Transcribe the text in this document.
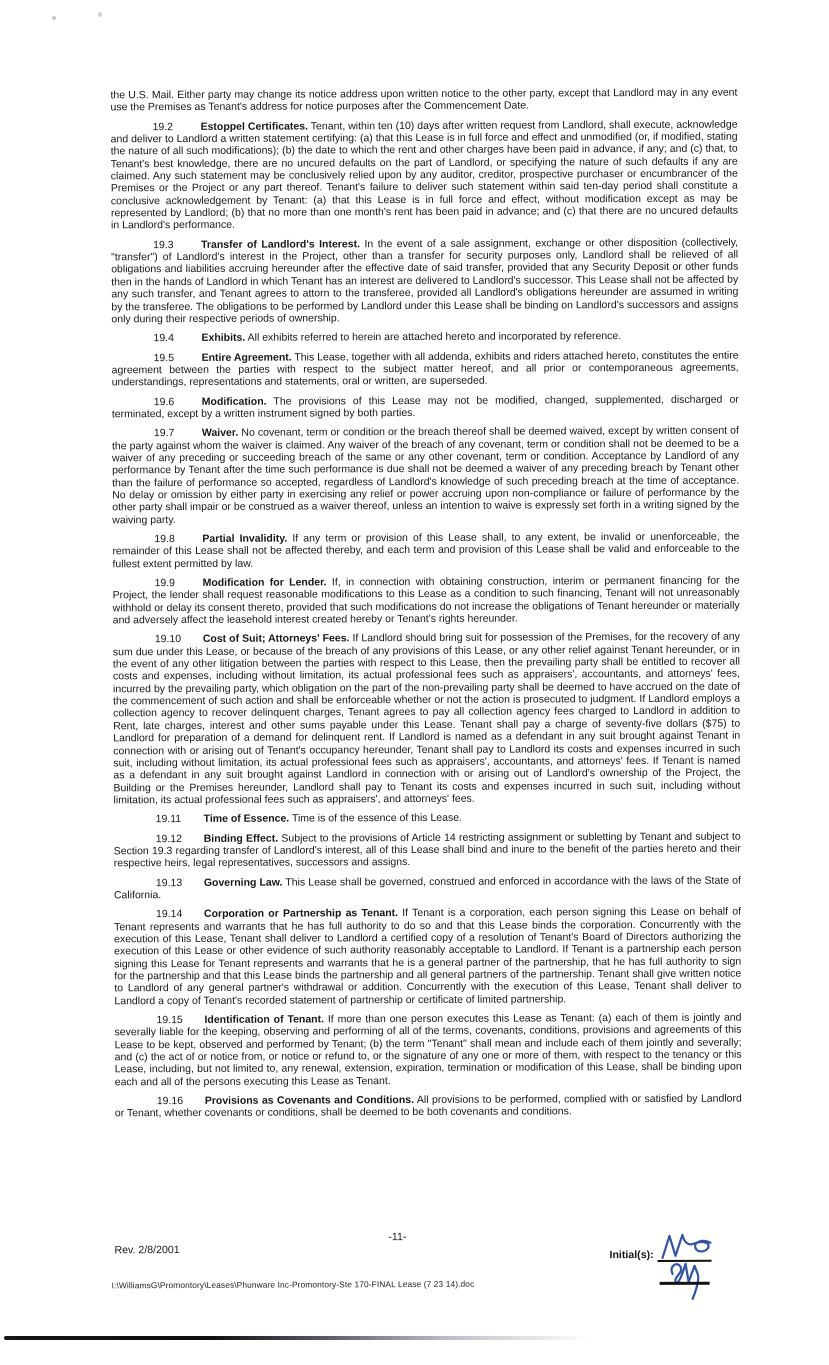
the U.S. Mail. Either party may change its notice address upon written notice to the other party, except that Landlord may in any event use the Premises as Tenant's address for notice purposes after the Commencement Date.

19.2	Estoppel Certificates. Tenant, within ten (10) days after written request from Landlord, shall execute, acknowledge and deliver to Landlord a written statement certifying: (a) that this Lease is in full force and effect and unmodified (or, if modified, stating the nature of all such modifications); (b) the date to which the rent and other charges have been paid in advance, if any; and (c) that, to Tenant's best knowledge, there are no uncured defaults on the part of Landlord, or specifying the nature of such defaults if any are claimed. Any such statement may be conclusively relied upon by any auditor, creditor, prospective purchaser or encumbrancer of the Premises or the Project or any part thereof. Tenant's failure to deliver such statement within said ten-day period shall constitute a conclusive acknowledgement by Tenant: (a) that this Lease is in full force and effect, without modification except as may be represented by Landlord; (b) that no more than one month's rent has been paid in advance; and (c) that there are no uncured defaults in Landlord's performance.

19.3	Transfer of Landlord's Interest. In the event of a sale assignment, exchange or other disposition (collectively, "transfer") of Landlord's interest in the Project, other than a transfer for security purposes only, Landlord shall be relieved of all obligations and liabilities accruing hereunder after the effective date of said transfer, provided that any Security Deposit or other funds then in the hands of Landlord in which Tenant has an interest are delivered to Landlord's successor. This Lease shall not be affected by any such transfer, and Tenant agrees to attorn to the transferee, provided all Landlord's obligations hereunder are assumed in writing by the transferee. The obligations to be performed by Landlord under this Lease shall be binding on Landlord's successors and assigns only during their respective periods of ownership.

19.4	Exhibits. All exhibits referred to herein are attached hereto and incorporated by reference.

19.5	Entire Agreement. This Lease, together with all addenda, exhibits and riders attached hereto, constitutes the entire agreement between the parties with respect to the subject matter hereof, and all prior or contemporaneous agreements, understandings, representations and statements, oral or written, are superseded.

19.6	Modification. The provisions of this Lease may not be modified, changed, supplemented, discharged or terminated, except by a written instrument signed by both parties.

19.7	Waiver. No covenant, term or condition or the breach thereof shall be deemed waived, except by written consent of the party against whom the waiver is claimed. Any waiver of the breach of any covenant, term or condition shall not be deemed to be a waiver of any preceding or succeeding breach of the same or any other covenant, term or condition. Acceptance by Landlord of any performance by Tenant after the time such performance is due shall not be deemed a waiver of any preceding breach by Tenant other than the failure of performance so accepted, regardless of Landlord's knowledge of such preceding breach at the time of acceptance. No delay or omission by either party in exercising any relief or power accruing upon non-compliance or failure of performance by the other party shall impair or be construed as a waiver thereof, unless an intention to waive is expressly set forth in a writing signed by the waiving party.

19.8	Partial Invalidity. If any term or provision of this Lease shall, to any extent, be invalid or unenforceable, the remainder of this Lease shall not be affected thereby, and each term and provision of this Lease shall be valid and enforceable to the fullest extent permitted by law.

19.9	Modification for Lender. If, in connection with obtaining construction, interim or permanent financing for the Project, the lender shall request reasonable modifications to this Lease as a condition to such financing, Tenant will not unreasonably withhold or delay its consent thereto, provided that such modifications do not increase the obligations of Tenant hereunder or materially and adversely affect the leasehold interest created hereby or Tenant's rights hereunder.

19.10 Cost of Suit; Attorneys' Fees. If Landlord should bring suit for possession of the Premises, for the recovery of any sum due under this Lease, or because of the breach of any provisions of this Lease, or any other relief against Tenant hereunder, or in the event of any other litigation between the parties with respect to this Lease, then the prevailing party shall be entitled to recover all costs and expenses, including without limitation, its actual professional fees such as appraisers', accountants, and attorneys' fees, incurred by the prevailing party, which obligation on the part of the non-prevailing party shall be deemed to have accrued on the date of the commencement of such action and shall be enforceable whether or not the action is prosecuted to judgment. If Landlord employs a collection agency to recover delinquent charges, Tenant agrees to pay all collection agency fees charged to Landlord in addition to Rent, late charges, interest and other sums payable under this Lease. Tenant shall pay a charge of seventy-five dollars ($75) to Landlord for preparation of a demand for delinquent rent. If Landlord is named as a defendant in any suit brought against Tenant in connection with or arising out of Tenant's occupancy hereunder, Tenant shall pay to Landlord its costs and expenses incurred in such suit, including without limitation, its actual professional fees such as appraisers', accountants, and attorneys' fees. If Tenant is named as a defendant in any suit brought against Landlord in connection with or arising out of Landlord's ownership of the Project, the Building or the Premises hereunder, Landlord shall pay to Tenant its costs and expenses incurred in such suit, including without limitation, its actual professional fees such as appraisers', and attorneys' fees.

19.11 Time of Essence. Time is of the essence of this Lease.

19.12 Binding Effect. Subject to the provisions of Article 14 restricting assignment or subletting by Tenant and subject to Section 19.3 regarding transfer of Landlord's interest, all of this Lease shall bind and inure to the benefit of the parties hereto and their respective heirs, legal representatives, successors and assigns.

19.13 Governing Law. This Lease shall be governed, construed and enforced in accordance with the laws of the State of California.

19.14 Corporation or Partnership as Tenant. If Tenant is a corporation, each person signing this Lease on behalf of Tenant represents and warrants that he has full authority to do so and that this Lease binds the corporation. Concurrently with the execution of this Lease, Tenant shall deliver to Landlord a certified copy of a resolution of Tenant's Board of Directors authorizing the execution of this Lease or other evidence of such authority reasonably acceptable to Landlord. If Tenant is a partnership each person signing this Lease for Tenant represents and warrants that he is a general partner of the partnership, that he has full authority to sign for the partnership and that this Lease binds the partnership and all general partners of the partnership. Tenant shall give written notice to Landlord of any general partner's withdrawal or addition. Concurrently with the execution of this Lease, Tenant shall deliver to Landlord a copy of Tenant's recorded statement of partnership or certificate of limited partnership.

19.15 Identification of Tenant. If more than one person executes this Lease as Tenant: (a) each of them is jointly and severally liable for the keeping, observing and performing of all of the terms, covenants, conditions, provisions and agreements of this Lease to be kept, observed and performed by Tenant; (b) the term "Tenant" shall mean and include each of them jointly and severally; and (c) the act of or notice from, or notice or refund to, or the signature of any one or more of them, with respect to the tenancy or this Lease, including, but not limited to, any renewal, extension, expiration, termination or modification of this Lease, shall be binding upon each and all of the persons executing this Lease as Tenant.

19.16 Provisions as Covenants and Conditions. All provisions to be performed, complied with or satisfied by Landlord or Tenant, whether covenants or conditions, shall be deemed to be both covenants and conditions.

Rev. 2/8/2001
-11-
Initial(s):
I:\WilliamsG\Promontory\Leases\Phunware Inc-Promontory-Ste 170-FINAL Lease (7 23 14).doc
